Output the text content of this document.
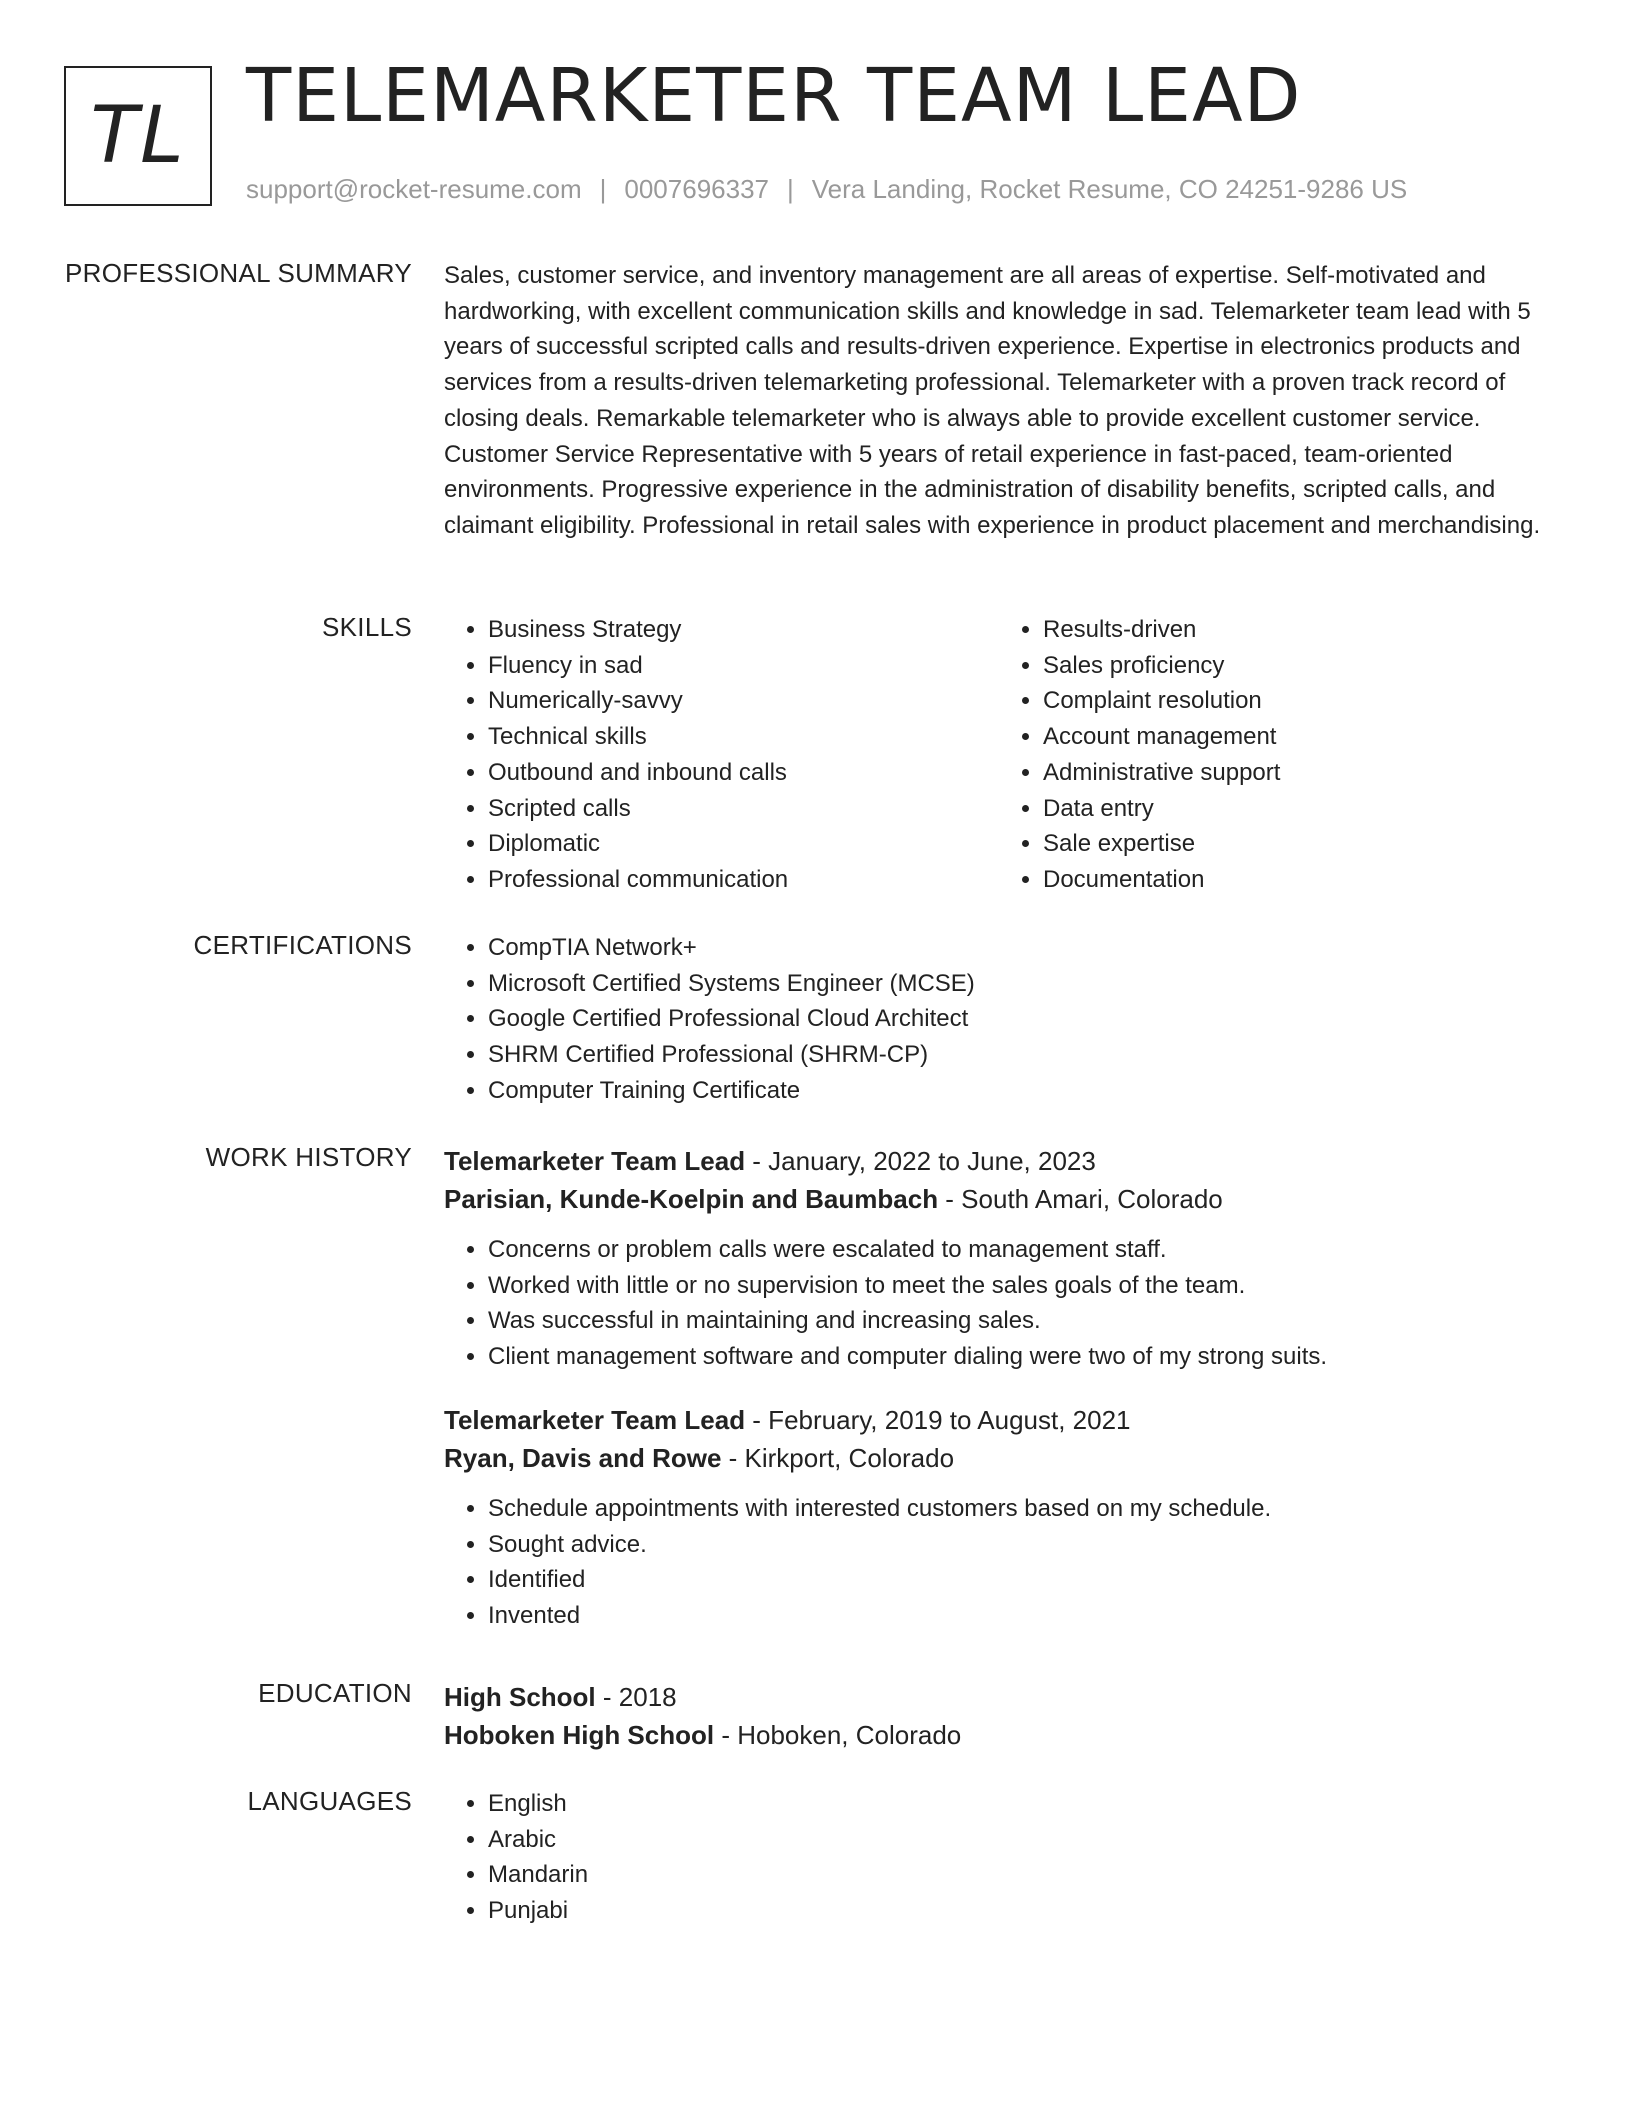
TL TELEMARKETER TEAM LEAD
support@rocket-resume.com | 0007696337 | Vera Landing, Rocket Resume, CO 24251-9286 US
PROFESSIONAL SUMMARY Sales, customer service, and inventory management are all areas of expertise. Self-motivated and hardworking, with excellent communication skills and knowledge in sad. Telemarketer team lead with 5 years of successful scripted calls and results-driven experience. Expertise in electronics products and services from a results-driven telemarketing professional. Telemarketer with a proven track record of closing deals. Remarkable telemarketer who is always able to provide excellent customer service. Customer Service Representative with 5 years of retail experience in fast-paced, team-oriented environments. Progressive experience in the administration of disability benefits, scripted calls, and claimant eligibility. Professional in retail sales with experience in product placement and merchandising.

SKILLS	• Business Strategy
• Fluency in sad
• Numerically-savvy
• Technical skills
• Outbound and inbound calls
• Scripted calls
• Diplomatic
• Professional communication
• Results-driven
• Sales proficiency
• Complaint resolution
• Account management
• Administrative support
• Data entry
• Sale expertise
• Documentation
CERTIFICATIONS	• CompTIA Network+
• Microsoft Certified Systems Engineer (MCSE)
• Google Certified Professional Cloud Architect
• SHRM Certified Professional (SHRM-CP)
• Computer Training Certificate
WORK HISTORY Telemarketer Team Lead - January, 2022 to June, 2023
Parisian, Kunde-Koelpin and Baumbach - South Amari, Colorado
• Concerns or problem calls were escalated to management staff.
• Worked with little or no supervision to meet the sales goals of the team.
• Was successful in maintaining and increasing sales.
• Client management software and computer dialing were two of my strong suits.
Telemarketer Team Lead - February, 2019 to August, 2021
Ryan, Davis and Rowe - Kirkport, Colorado
• Schedule appointments with interested customers based on my schedule.
• Sought advice.
• Identified
• Invented
EDUCATION High School - 2018
Hoboken High School - Hoboken, Colorado
LANGUAGES	• English
• Arabic
• Mandarin
• Punjabi
